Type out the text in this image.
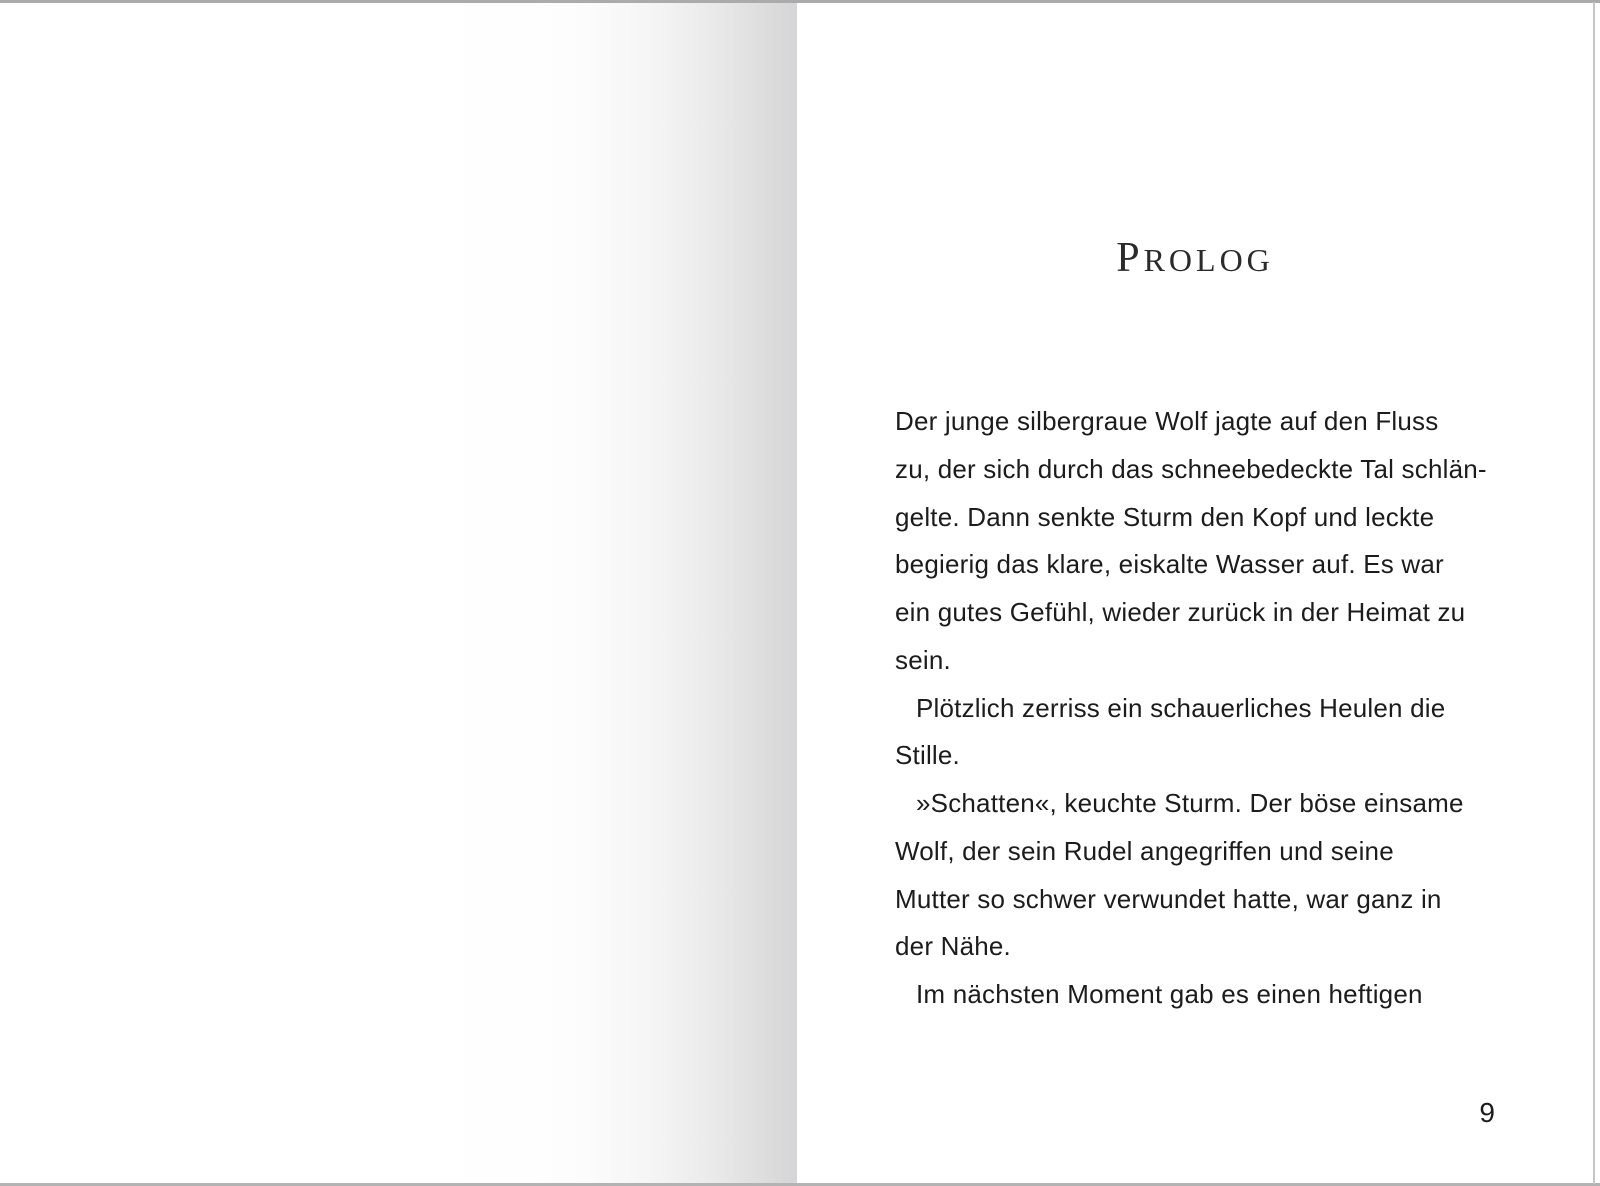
PROLOG
Der junge silbergraue Wolf jagte auf den Fluss
zu, der sich durch das schneebedeckte Tal schlän-
gelte. Dann senkte Sturm den Kopf und leckte
begierig das klare, eiskalte Wasser auf. Es war
ein gutes Gefühl, wieder zurück in der Heimat zu
sein.
Plötzlich zerriss ein schauerliches Heulen die
Stille.
»Schatten«, keuchte Sturm. Der böse einsame
Wolf, der sein Rudel angegriffen und seine
Mutter so schwer verwundet hatte, war ganz in
der Nähe.
Im nächsten Moment gab es einen heftigen
9
